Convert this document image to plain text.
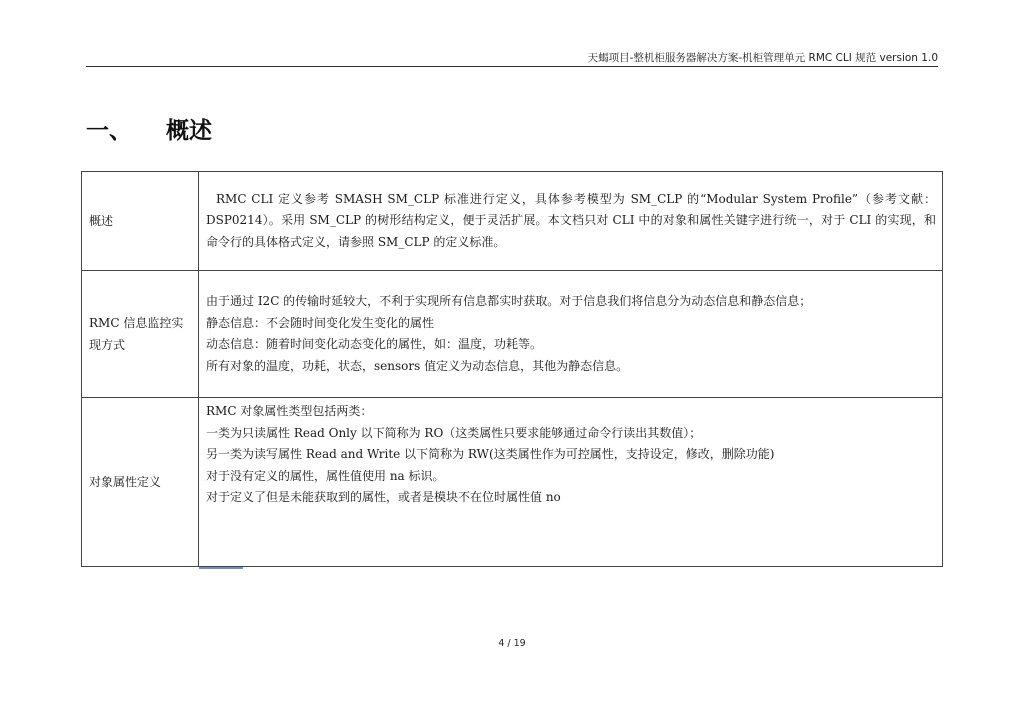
天蝎项目-整机柜服务器解决方案-机柜管理单元 RMC CLI 规范 version 1.0
一、	概述
概述	RMC CLI 定义参考 SMASH SM_CLP 标准进行定义，具体参考模型为 SM_CLP 的“Modular System Profile”（参考文献：DSP0214）。采用 SM_CLP 的树形结构定义，便于灵活扩展。本文档只对 CLI 中的对象和属性关键字进行统一，对于 CLI 的实现，和命令行的具体格式定义，请参照 SM_CLP 的定义标准。

RMC 信息监控实现方式	由于通过 I2C 的传输时延较大，不利于实现所有信息都实时获取。对于信息我们将信息分为动态信息和静态信息；
静态信息：不会随时间变化发生变化的属性
动态信息：随着时间变化动态变化的属性，如：温度，功耗等。
所有对象的温度，功耗，状态，sensors 值定义为动态信息，其他为静态信息。

对象属性定义	RMC 对象属性类型包括两类：
一类为只读属性 Read Only 以下简称为 RO（这类属性只要求能够通过命令行读出其数值）；
另一类为读写属性 Read and Write 以下简称为 RW(这类属性作为可控属性，支持设定，修改，删除功能)
对于没有定义的属性，属性值使用 na 标识。
对于定义了但是未能获取到的属性，或者是模块不在位时属性值 no
4 / 19
